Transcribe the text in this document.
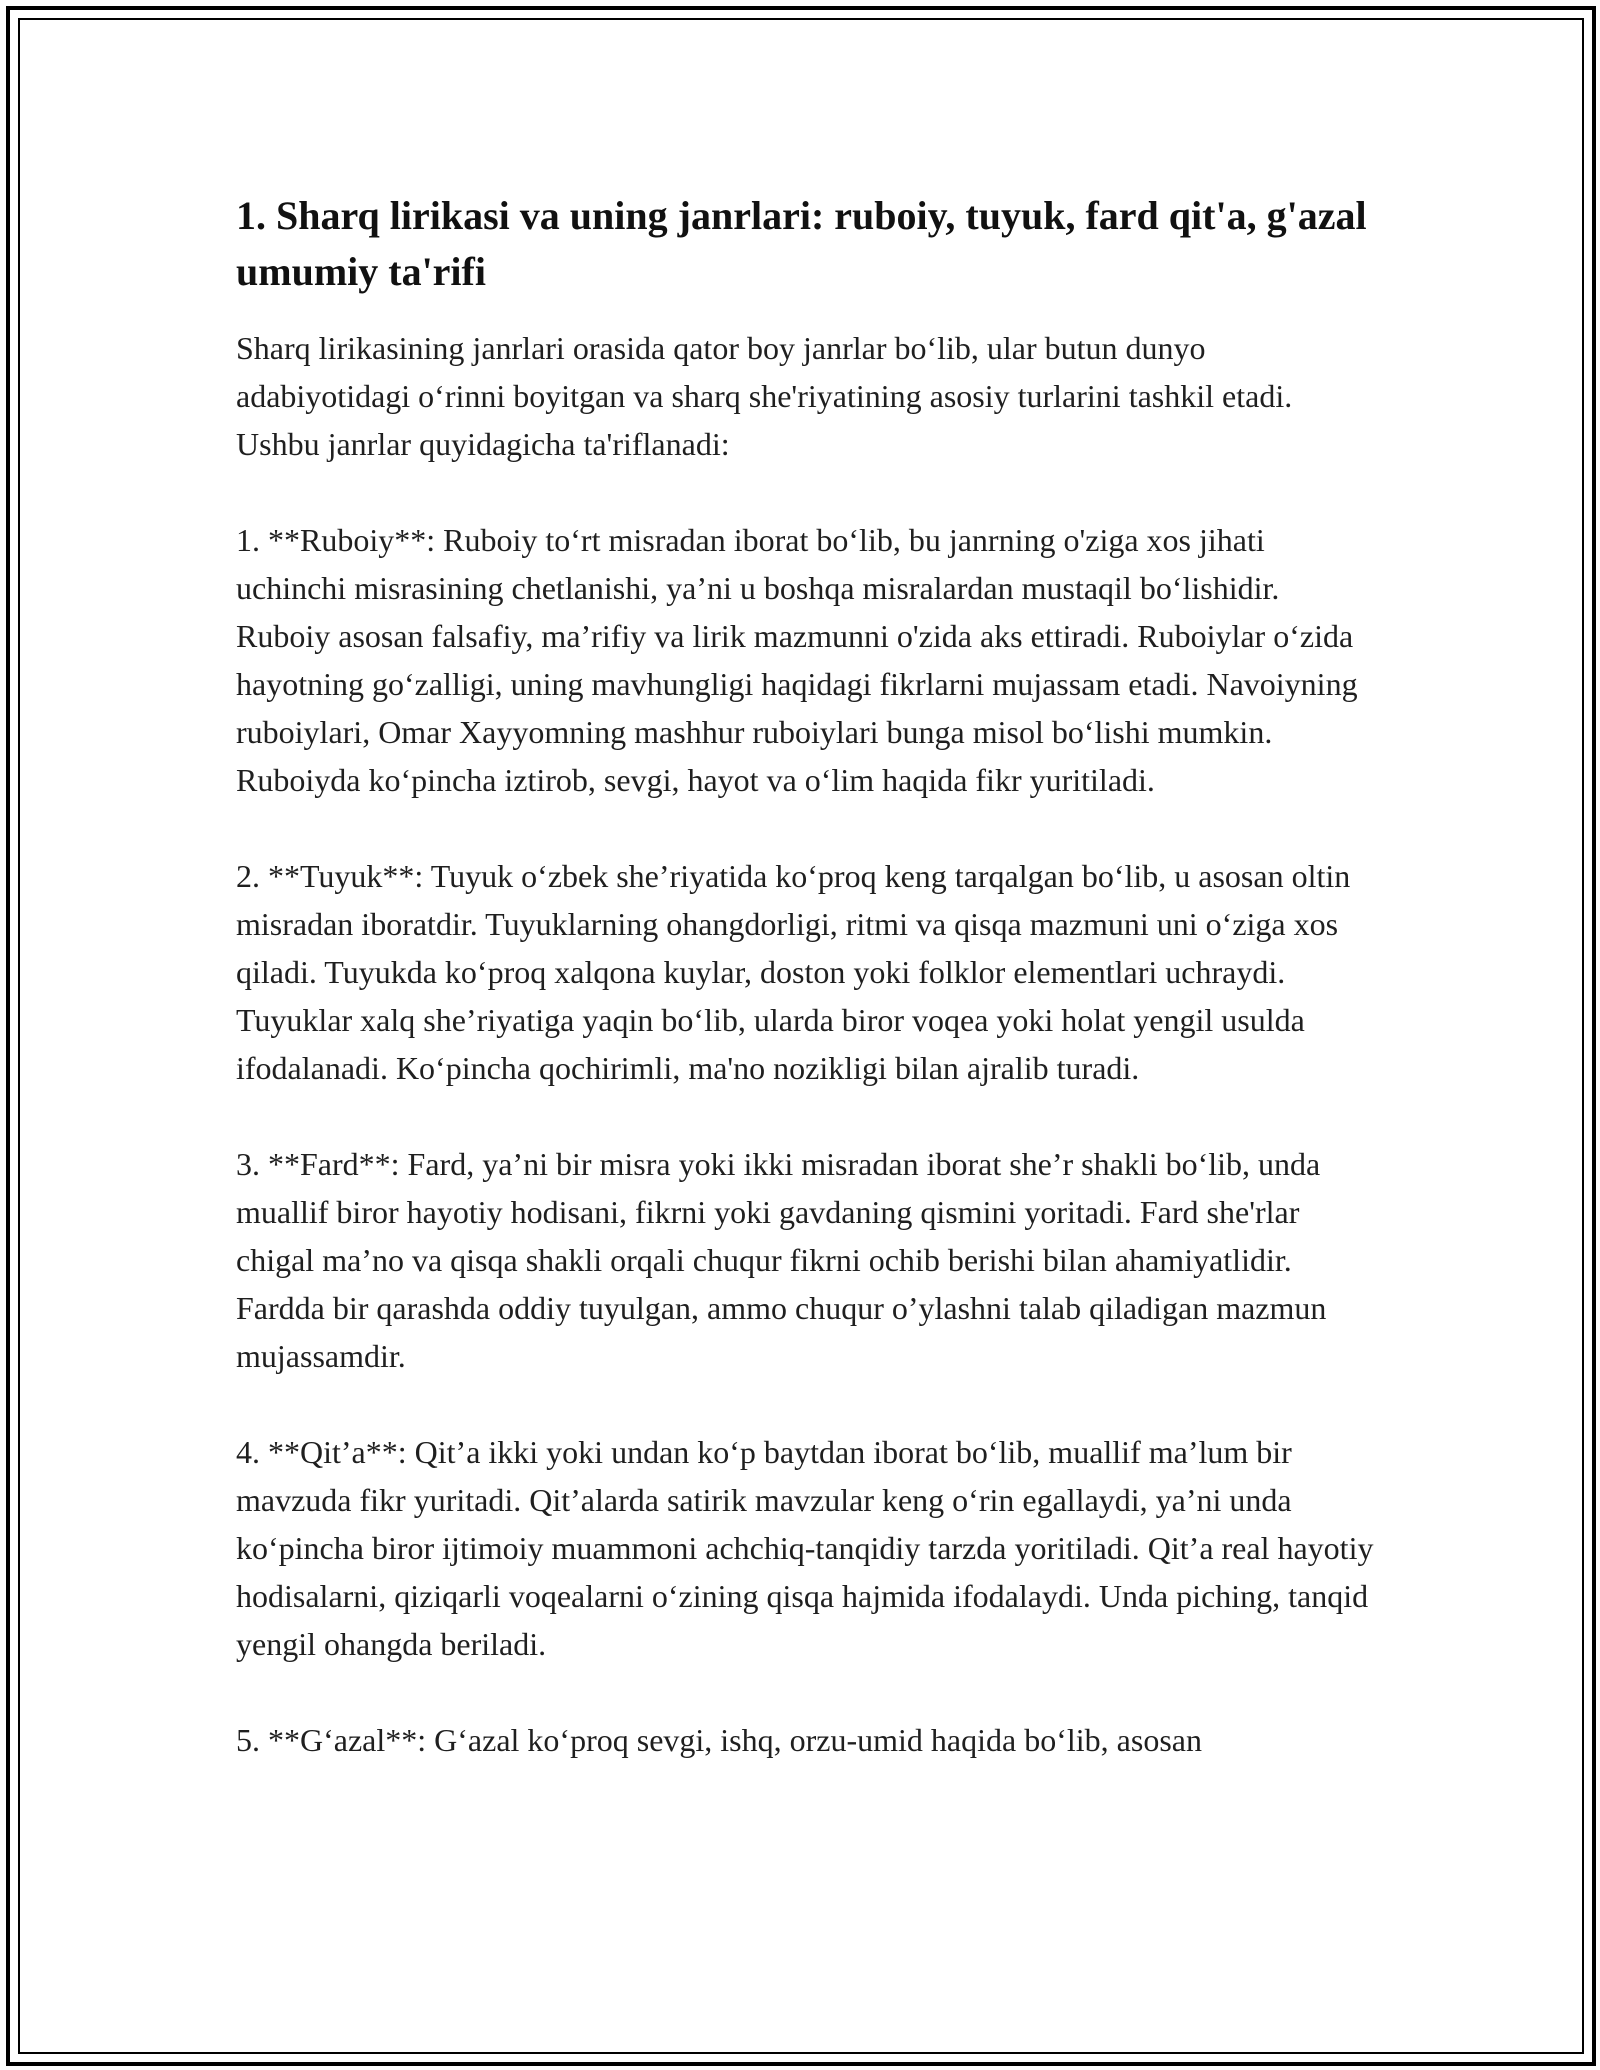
1. Sharq lirikasi va uning janrlari: ruboiy, tuyuk, fard qit'a, g'azal umumiy ta'rifi

Sharq lirikasining janrlari orasida qator boy janrlar bo‘lib, ular butun dunyo adabiyotidagi o‘rinni boyitgan va sharq she'riyatining asosiy turlarini tashkil etadi. Ushbu janrlar quyidagicha ta'riflanadi:

1. **Ruboiy**: Ruboiy to‘rt misradan iborat bo‘lib, bu janrning o'ziga xos jihati uchinchi misrasining chetlanishi, ya’ni u boshqa misralardan mustaqil bo‘lishidir. Ruboiy asosan falsafiy, ma’rifiy va lirik mazmunni o'zida aks ettiradi. Ruboiylar o‘zida hayotning go‘zalligi, uning mavhungligi haqidagi fikrlarni mujassam etadi. Navoiyning ruboiylari, Omar Xayyomning mashhur ruboiylari bunga misol bo‘lishi mumkin. Ruboiyda ko‘pincha iztirob, sevgi, hayot va o‘lim haqida fikr yuritiladi.

2. **Tuyuk**: Tuyuk o‘zbek she’riyatida ko‘proq keng tarqalgan bo‘lib, u asosan oltin misradan iboratdir. Tuyuklarning ohangdorligi, ritmi va qisqa mazmuni uni o‘ziga xos qiladi. Tuyukda ko‘proq xalqona kuylar, doston yoki folklor elementlari uchraydi. Tuyuklar xalq she’riyatiga yaqin bo‘lib, ularda biror voqea yoki holat yengil usulda ifodalanadi. Ko‘pincha qochirimli, ma'no nozikligi bilan ajralib turadi.

3. **Fard**: Fard, ya’ni bir misra yoki ikki misradan iborat she’r shakli bo‘lib, unda muallif biror hayotiy hodisani, fikrni yoki gavdaning qismini yoritadi. Fard she'rlar chigal ma’no va qisqa shakli orqali chuqur fikrni ochib berishi bilan ahamiyatlidir. Fardda bir qarashda oddiy tuyulgan, ammo chuqur o’ylashni talab qiladigan mazmun mujassamdir.

4. **Qit’a**: Qit’a ikki yoki undan ko‘p baytdan iborat bo‘lib, muallif ma’lum bir mavzuda fikr yuritadi. Qit’alarda satirik mavzular keng o‘rin egallaydi, ya’ni unda ko‘pincha biror ijtimoiy muammoni achchiq-tanqidiy tarzda yoritiladi. Qit’a real hayotiy hodisalarni, qiziqarli voqealarni o‘zining qisqa hajmida ifodalaydi. Unda piching, tanqid yengil ohangda beriladi.

5. **G‘azal**: G‘azal ko‘proq sevgi, ishq, orzu-umid haqida bo‘lib, asosan
